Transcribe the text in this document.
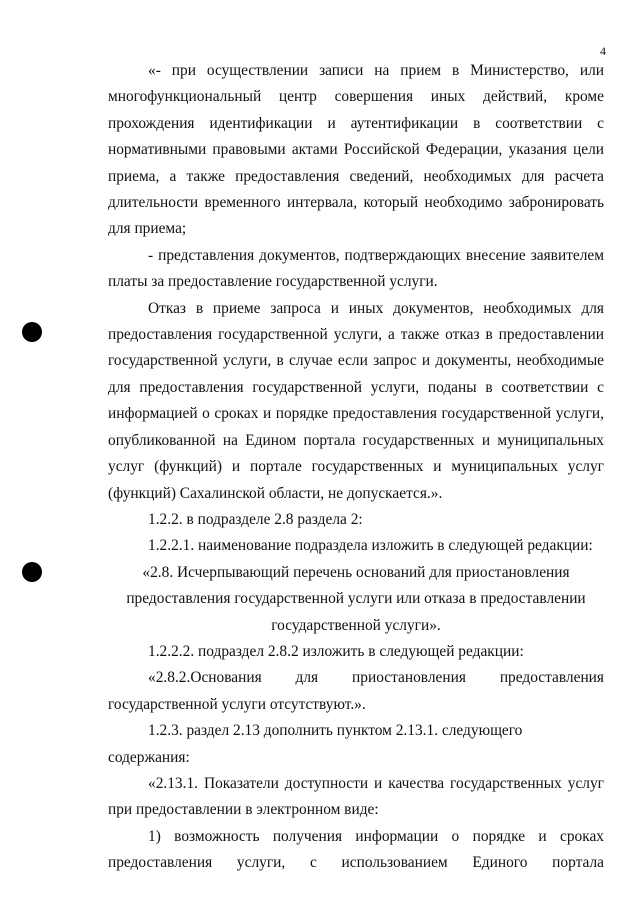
4

«- при осуществлении записи на прием в Министерство, или многофункциональный центр совершения иных действий, кроме прохождения идентификации и аутентификации в соответствии с нормативными правовыми актами Российской Федерации, указания цели приема, а также предоставления сведений, необходимых для расчета длительности временного интервала, который необходимо забронировать для приема;

- представления документов, подтверждающих внесение заявителем платы за предоставление государственной услуги.

Отказ в приеме запроса и иных документов, необходимых для предоставления государственной услуги, а также отказ в предоставлении государственной услуги, в случае если запрос и документы, необходимые для предоставления государственной услуги, поданы в соответствии с информацией о сроках и порядке предоставления государственной услуги, опубликованной на Едином портала государственных и муниципальных услуг (функций) и портале государственных и муниципальных услуг (функций) Сахалинской области, не допускается.».

1.2.2. в подразделе 2.8 раздела 2:

1.2.2.1. наименование подраздела изложить в следующей редакции:

«2.8. Исчерпывающий перечень оснований для приостановления предоставления государственной услуги или отказа в предоставлении государственной услуги».

1.2.2.2. подраздел 2.8.2 изложить в следующей редакции:

«2.8.2.Основания для приостановления предоставления государственной услуги отсутствуют.».

1.2.3. раздел 2.13 дополнить пунктом 2.13.1. следующего содержания:

«2.13.1. Показатели доступности и качества государственных услуг при предоставлении в электронном виде:

1) возможность получения информации о порядке и сроках предоставления услуги, с использованием Единого портала
